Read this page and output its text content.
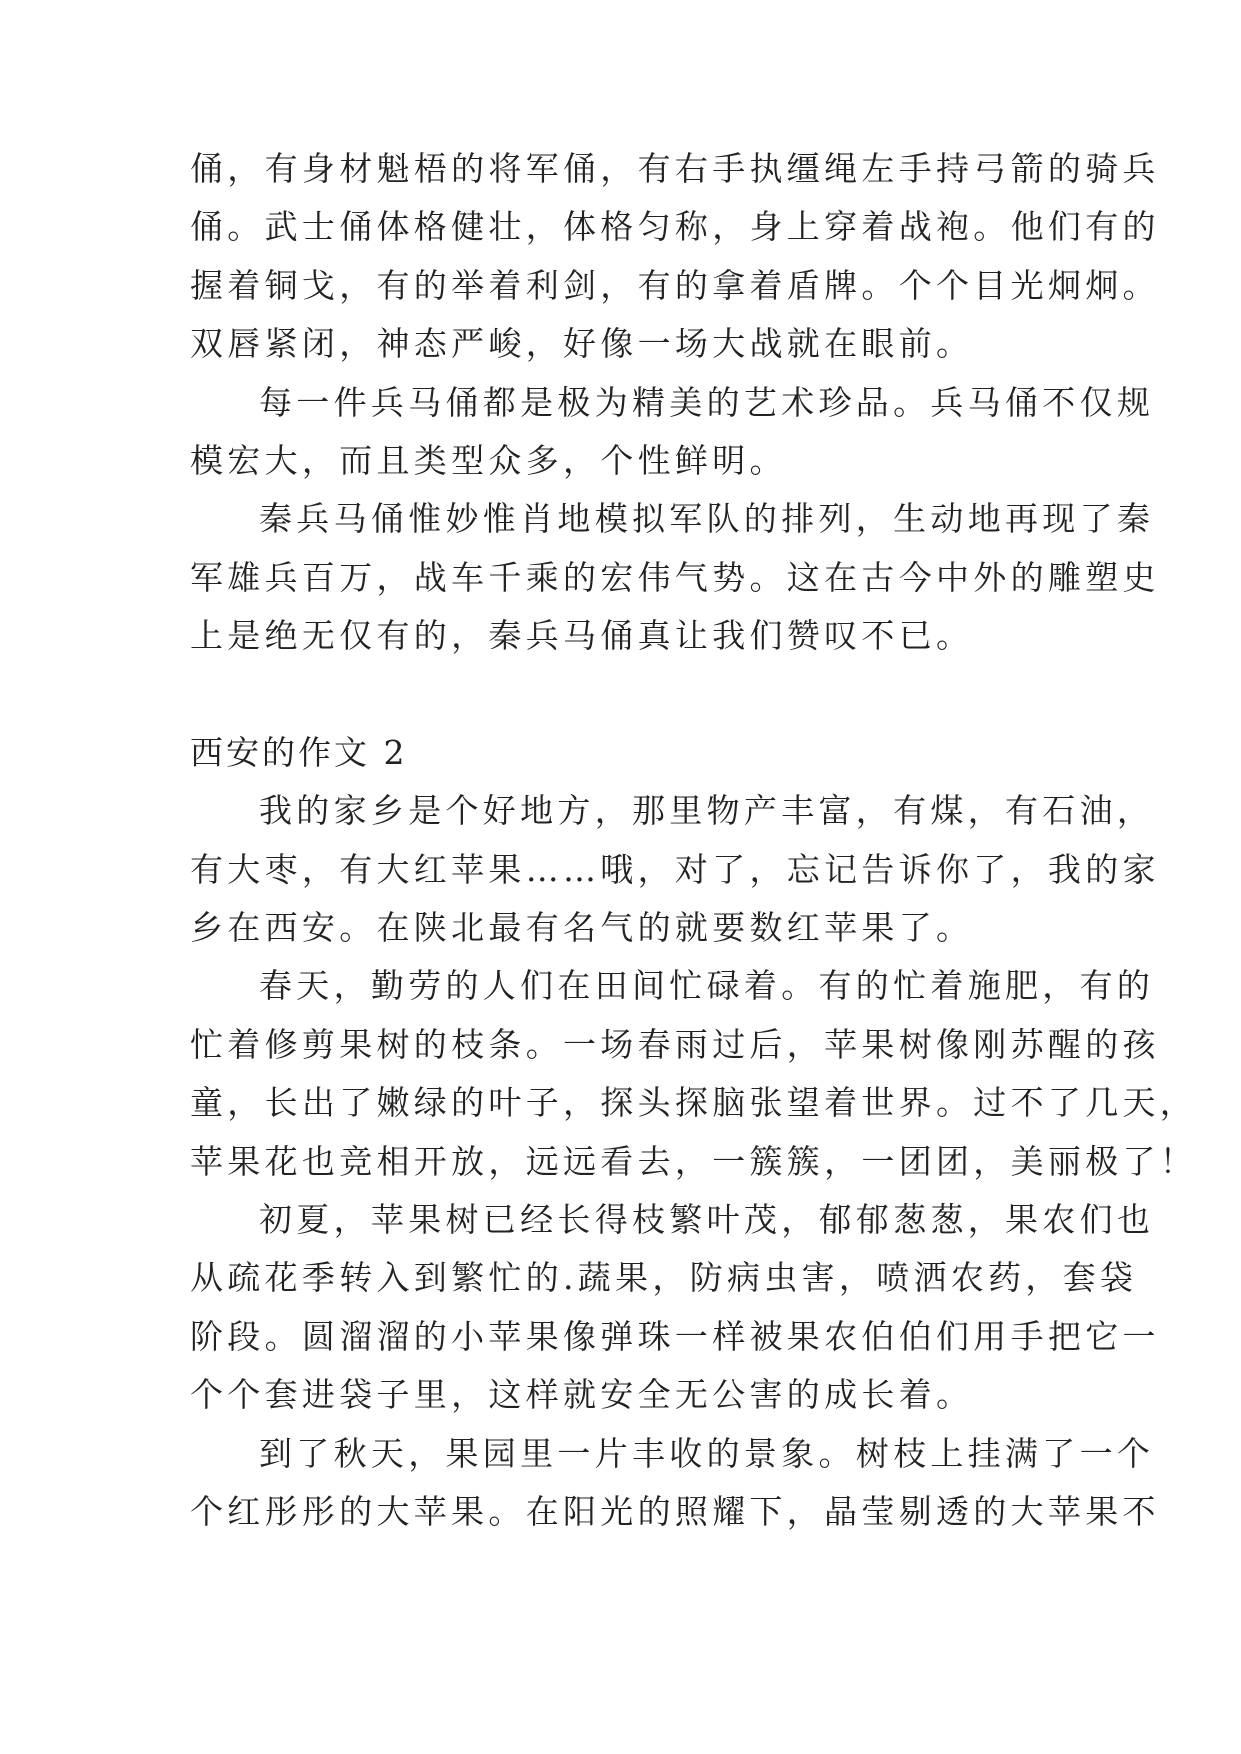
俑，有身材魁梧的将军俑，有右手执缰绳左手持弓箭的骑兵
俑。武士俑体格健壮，体格匀称，身上穿着战袍。他们有的
握着铜戈，有的举着利剑，有的拿着盾牌。个个目光炯炯。
双唇紧闭，神态严峻，好像一场大战就在眼前。
每一件兵马俑都是极为精美的艺术珍品。兵马俑不仅规
模宏大，而且类型众多，个性鲜明。
秦兵马俑惟妙惟肖地模拟军队的排列，生动地再现了秦
军雄兵百万，战车千乘的宏伟气势。这在古今中外的雕塑史
上是绝无仅有的，秦兵马俑真让我们赞叹不已。
西安的作文 2
我的家乡是个好地方，那里物产丰富，有煤，有石油，
有大枣，有大红苹果……哦，对了，忘记告诉你了，我的家
乡在西安。在陕北最有名气的就要数红苹果了。
春天，勤劳的人们在田间忙碌着。有的忙着施肥，有的
忙着修剪果树的枝条。一场春雨过后，苹果树像刚苏醒的孩
童，长出了嫩绿的叶子，探头探脑张望着世界。过不了几天，
苹果花也竞相开放，远远看去，一簇簇，一团团，美丽极了！
初夏，苹果树已经长得枝繁叶茂，郁郁葱葱，果农们也
从疏花季转入到繁忙的.蔬果，防病虫害，喷洒农药，套袋
阶段。圆溜溜的小苹果像弹珠一样被果农伯伯们用手把它一
个个套进袋子里，这样就安全无公害的成长着。
到了秋天，果园里一片丰收的景象。树枝上挂满了一个
个红彤彤的大苹果。在阳光的照耀下，晶莹剔透的大苹果不
